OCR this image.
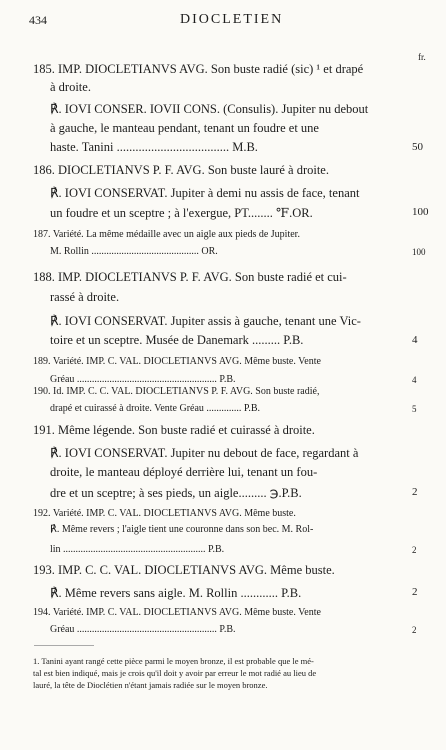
434	DIOCLETIEN
fr.
185. IMP. DIOCLETIANVS AVG. Son buste radié (sic) ¹ et drapé
à droite.
℟. IOVI CONSER. IOVII CONS. (Consulis). Jupiter nu debout
à gauche, le manteau pendant, tenant un foudre et une
haste. Tanini .................................... M.B.	50
186. DIOCLETIANVS P. F. AVG. Son buste lauré à droite.
℟. IOVI CONSERVAT. Jupiter à demi nu assis de face, tenant
un foudre et un sceptre ; à l'exergue, PT........ ℉.OR.	100
187. Variété. La même médaille avec un aigle aux pieds de Jupiter.
M. Rollin ........................................... OR.	100
188. IMP. DIOCLETIANVS P. F. AVG. Son buste radié et cui-
rassé à droite.
℟. IOVI CONSERVAT. Jupiter assis à gauche, tenant une Vic-
toire et un sceptre. Musée de Danemark ......... P.B.	4
189. Variété. IMP. C. VAL. DIOCLETIANVS AVG. Même buste. Vente
Gréau ........................................................ P.B.	4
190. Id. IMP. C. C. VAL. DIOCLETIANVS P. F. AVG. Son buste radié,
drapé et cuirassé à droite. Vente Gréau .............. P.B.	5
191. Même légende. Son buste radié et cuirassé à droite.
℟. IOVI CONSERVAT. Jupiter nu debout de face, regardant à
droite, le manteau déployé derrière lui, tenant un fou-
dre et un sceptre; à ses pieds, un aigle......... ℈.P.B.	2
192. Variété. IMP. C. VAL. DIOCLETIANVS AVG. Même buste.
℟. Même revers ; l'aigle tient une couronne dans son bec. M. Rol-
lin ......................................................... P.B.	2
193. IMP. C. C. VAL. DIOCLETIANVS AVG. Même buste.
℟. Même revers sans aigle. M. Rollin ............ P.B.	2
194. Variété. IMP. C. VAL. DIOCLETIANVS AVG. Même buste. Vente
Gréau ........................................................ P.B.	2
1. Tanini ayant rangé cette pièce parmi le moyen bronze, il est probable que le mé-
tal est bien indiqué, mais je crois qu'il doit y avoir par erreur le mot radié au lieu de
lauré, la tête de Dioclétien n'étant jamais radiée sur le moyen bronze.
